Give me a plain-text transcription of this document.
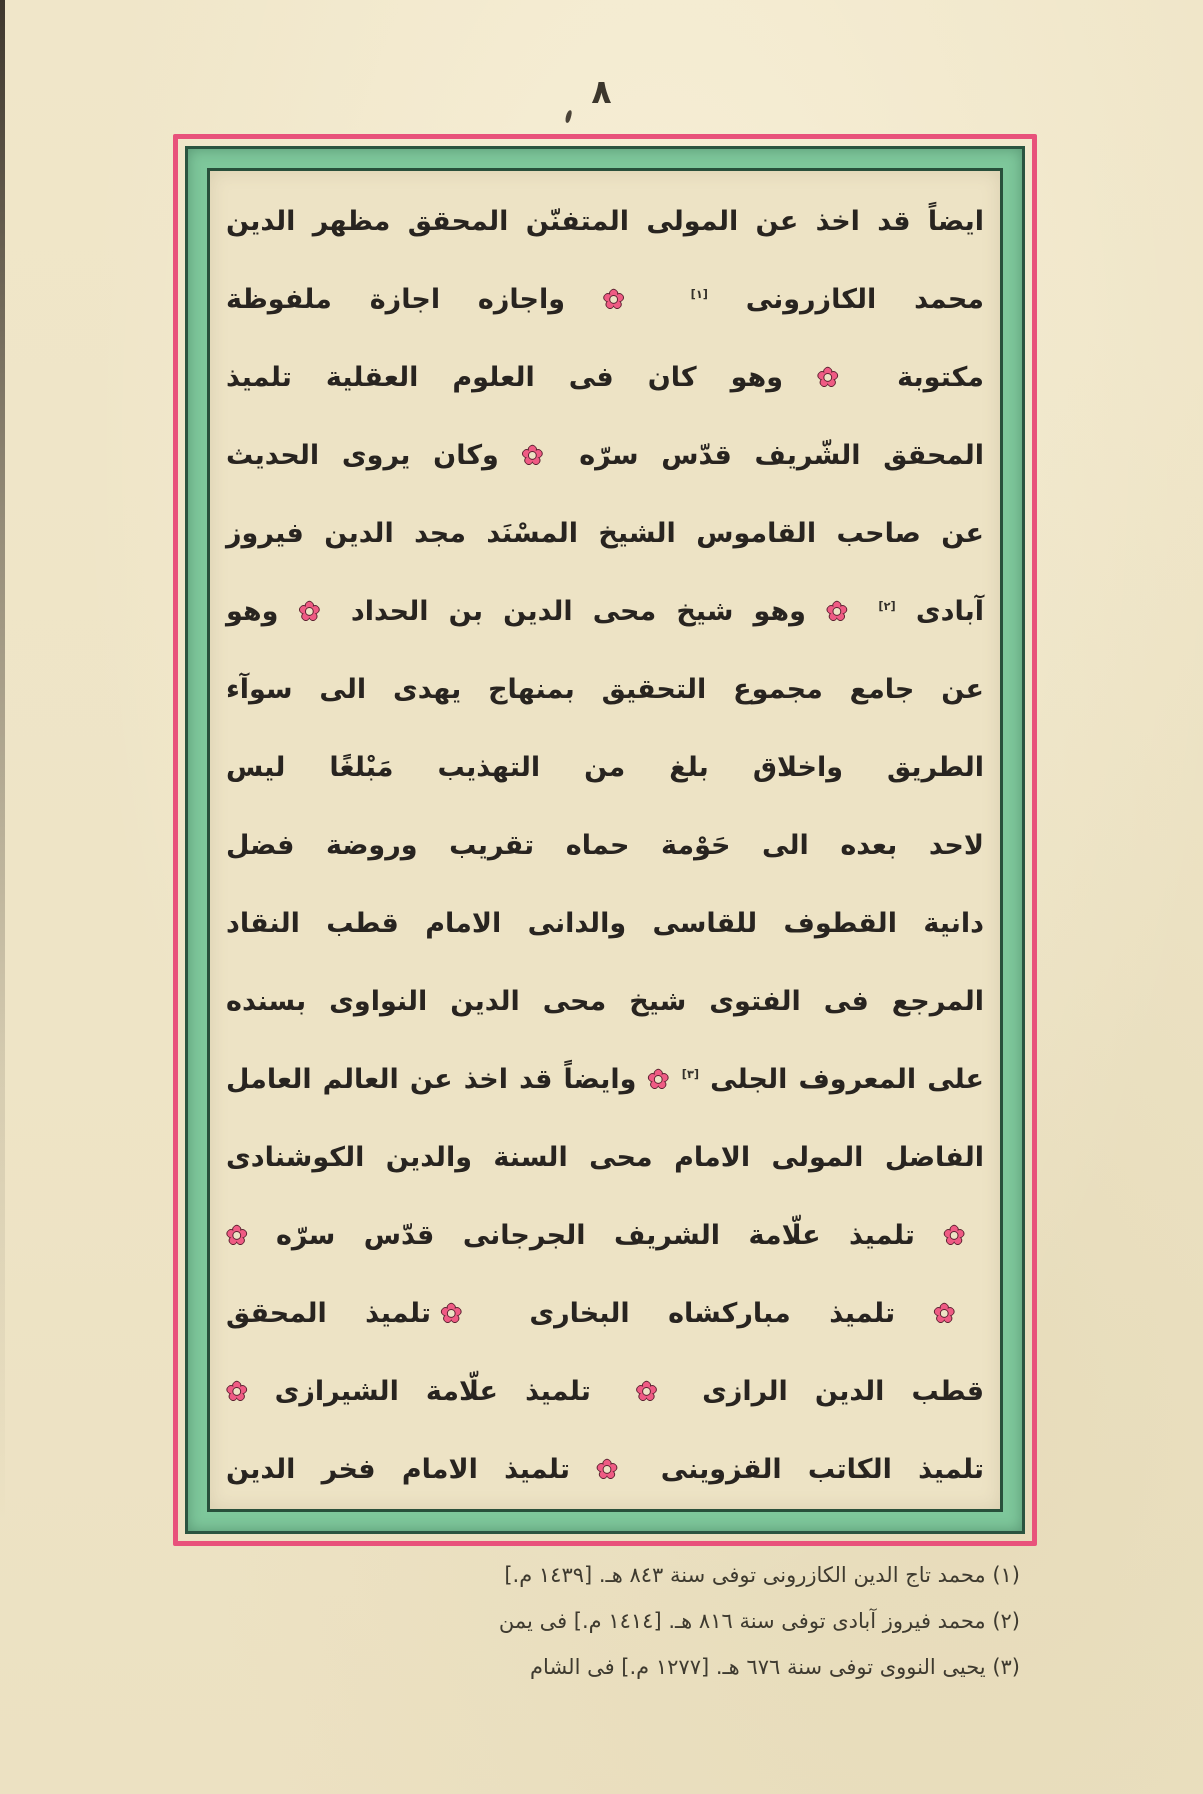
٨
ايضاً قد اخذ عن المولى المتفنّن المحقق مظهر الدين
محمد الكازرونى [١] ✿ واجازه اجازة ملفوظة
مكتوبة ✿ وهو كان فى العلوم العقلية تلميذ
المحقق الشّريف قدّس سرّه ✿ وكان يروى الحديث
عن صاحب القاموس الشيخ المسْنَد مجد الدين فيروز
آبادى [٢] ✿ وهو شيخ محى الدين بن الحداد ✿ وهو
عن جامع مجموع التحقيق بمنهاج يهدى الى سوآء
الطريق واخلاق بلغ من التهذيب مَبْلغًا ليس
لاحد بعده الى حَوْمة حماه تقريب وروضة فضل
دانية القطوف للقاسى والدانى الامام قطب النقاد
المرجع فى الفتوى شيخ محى الدين النواوى بسنده
على المعروف الجلى [٣] ✿ وايضاً قد اخذ عن العالم العامل
الفاضل المولى الامام محى السنة والدين الكوشنادى
✿ تلميذ علّامة الشريف الجرجانى قدّس سرّه ✿
✿ تلميذ مباركشاه البخارى ✿ تلميذ المحقق
قطب الدين الرازى ✿ تلميذ علّامة الشيرازى ✿
تلميذ الكاتب القزوينى ✿ تلميذ الامام فخر الدين
(١) محمد تاج الدين الكازرونى توفى سنة ٨٤٣ هـ. [١٤٣٩ م.]
(٢) محمد فيروز آبادى توفى سنة ٨١٦ هـ. [١٤١٤ م.] فى يمن
(٣) يحيى النووى توفى سنة ٦٧٦ هـ. [١٢٧٧ م.] فى الشام
